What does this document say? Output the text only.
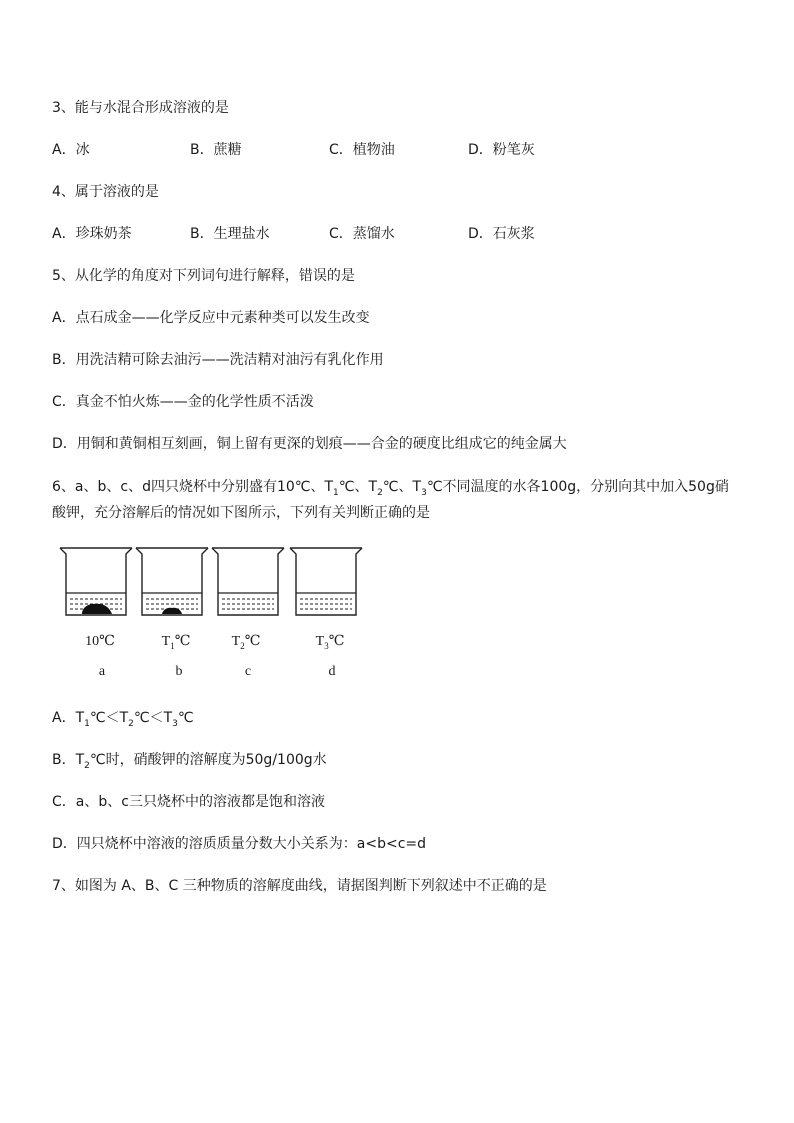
3、能与水混合形成溶液的是
A．冰	B．蔗糖	C．植物油	D．粉笔灰
4、属于溶液的是
A．珍珠奶茶	B．生理盐水	C．蒸馏水	D．石灰浆
5、从化学的角度对下列词句进行解释，错误的是
A．点石成金——化学反应中元素种类可以发生改变
B．用洗洁精可除去油污——洗洁精对油污有乳化作用
C．真金不怕火炼——金的化学性质不活泼
D．用铜和黄铜相互刻画，铜上留有更深的划痕——合金的硬度比组成它的纯金属大
6、a、b、c、d四只烧杯中分别盛有10℃、$T_1℃$、$T_2℃$、$T_3℃$不同温度的水各100g，分别向其中加入50g硝
酸钾，充分溶解后的情况如下图所示，下列有关判断正确的是
10℃	$T_1℃$	$T_2℃$	$T_3℃$
a	b	c	d
A．$T_1℃<T_2℃<T_3℃$
B．$T_2℃$时，硝酸钾的溶解度为50g/100g水
C．a、b、c三只烧杯中的溶液都是饱和溶液
D．四只烧杯中溶液的溶质质量分数大小关系为：a<b<c=d
7、如图为 A、B、C 三种物质的溶解度曲线，请据图判断下列叙述中不正确的是
